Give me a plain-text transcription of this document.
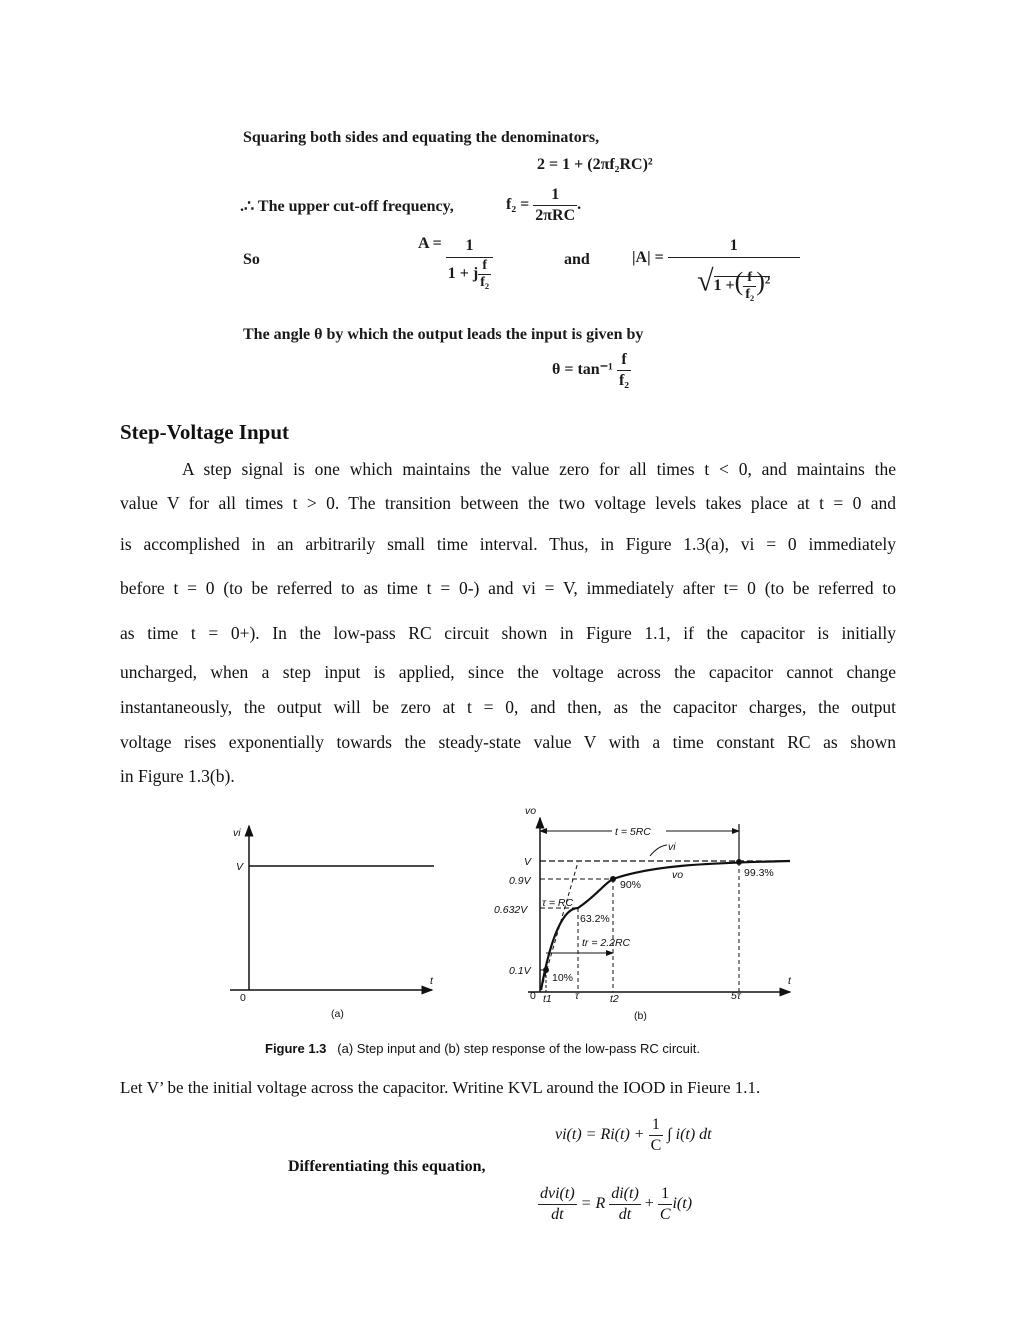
Squaring both sides and equating the denominators,
2 = 1 + (2πf₂RC)²
.∴ The upper cut-off frequency,	$f_2 = \frac{1}{\text{2πRC}}$ .
So
$A = \frac{1}{1 + j \frac{f}{\text{f₂}}}$	and	$|A| = \frac{1}{√1 +( \frac{f}{\text{f₂}} )^2}$
The angle θ by which the output leads the input is given by
$\theta = \tan^{-1} \frac{f}{\text{f₂}}$
Step-Voltage Input
A step signal is one which maintains the value zero for all times t < 0, and maintains the
value V for all times t > 0. The transition between the two voltage levels takes place at t = 0 and
is accomplished in an arbitrarily small time interval. Thus, in Figure 1.3(a), vi = 0 immediately
before t = 0 (to be referred to as time t = 0-) and vi = V, immediately after t= 0 (to be referred to
as time t = 0+). In the low-pass RC circuit shown in Figure 1.1, if the capacitor is initially
uncharged, when a step input is applied, since the voltage across the capacitor cannot change
instantaneously, the output will be zero at t = 0, and then, as the capacitor charges, the output
voltage rises exponentially towards the steady-state value V with a time constant RC as shown
in Figure 1.3(b).
vi
V
0
t
(a)
vo
t
t = 5RC
vi
V
0.9V
0.632V
0.1V
vo
tr = 2.2RC
τ = RC
90%
63.2%
10%
99.3%
0 t1 τ	t2	5τ
(b)
Figure 1.3 (a) Step input and (b) step response of the low-pass RC circuit.
Let V’ be the initial voltage across the capacitor. Writine KVL around the IOOD in Fieure 1.1.
$vi(t) = Ri(t) + \frac{1}{C}$ ∫ i(t) dt
Differentiating this equation,
$\frac{\text{dvi(t)}}{dt} = R \frac{di(t)}{dt} + \frac{1}{C} i(t)$
